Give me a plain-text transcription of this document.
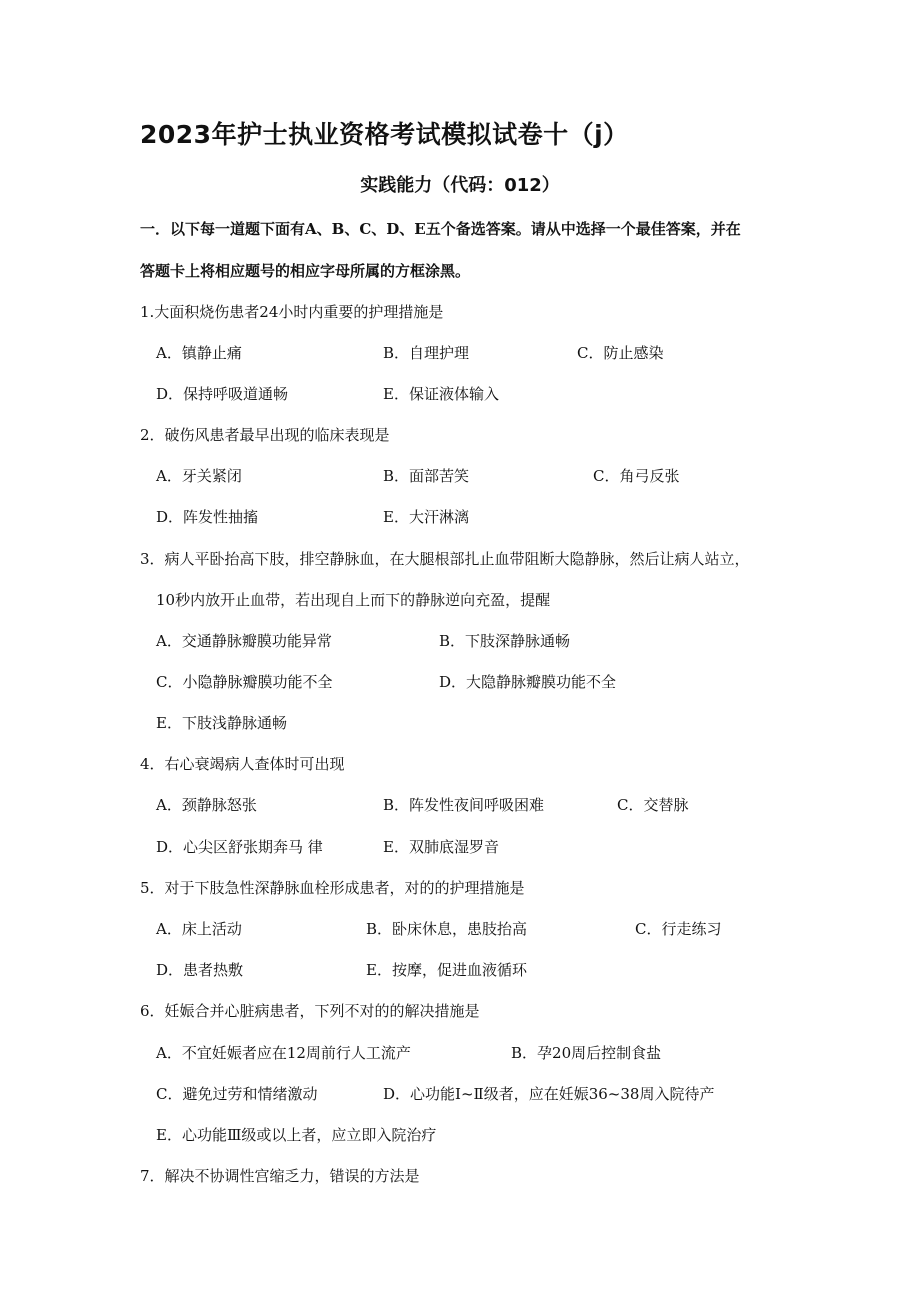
2023年护士执业资格考试模拟试卷十（j）
实践能力（代码：012）
一．以下每一道题下面有A、B、C、D、E五个备选答案。请从中选择一个最佳答案，并在
答题卡上将相应题号的相应字母所属的方框涂黑。
1.大面积烧伤患者24小时内重要的护理措施是
A．镇静止痛	B．自理护理	C．防止感染
D．保持呼吸道通畅	E．保证液体输入
2．破伤风患者最早出现的临床表现是
A．牙关紧闭	B．面部苦笑	C．角弓反张
D．阵发性抽搐	E．大汗淋漓
3．病人平卧抬高下肢，排空静脉血，在大腿根部扎止血带阻断大隐静脉，然后让病人站立，
10秒内放开止血带，若出现自上而下的静脉逆向充盈，提醒
A．交通静脉瓣膜功能异常	B．下肢深静脉通畅
C．小隐静脉瓣膜功能不全	D．大隐静脉瓣膜功能不全
E．下肢浅静脉通畅
4．右心衰竭病人查体时可出现
A．颈静脉怒张	B．阵发性夜间呼吸困难	C．交替脉
D．心尖区舒张期奔马 律	E．双肺底湿罗音
5．对于下肢急性深静脉血栓形成患者，对的的护理措施是
A．床上活动	B．卧床休息，患肢抬高	C．行走练习
D．患者热敷	E．按摩，促进血液循环
6．妊娠合并心脏病患者，下列不对的的解决措施是
A．不宜妊娠者应在12周前行人工流产	B．孕20周后控制食盐
C．避免过劳和情绪激动	D．心功能Ⅰ~Ⅱ级者，应在妊娠36~38周入院待产
E．心功能Ⅲ级或以上者，应立即入院治疗
7．解决不协调性宫缩乏力，错误的方法是
